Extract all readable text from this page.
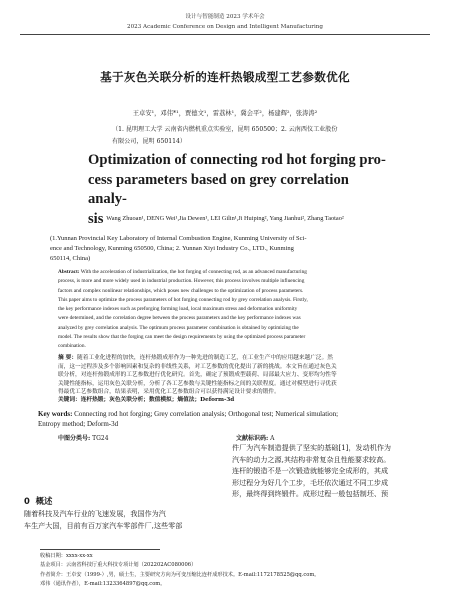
设计与智能制造 2023 学术年会
2023 Academic Conference on Design and Intelligent Manufacturing
基于灰色关联分析的连杆热锻成型工艺参数优化
王卓安¹，邓伟*¹，贾德文¹，雷荔林¹，冀会平²，杨建辉²，张涛涛²
（1. 昆明理工大学 云南省内燃机重点实验室，昆明 650500；2. 云南西仪工业股份
有限公司，昆明 650114）
Optimization of connecting rod hot forging pro-
cess parameters based on grey correlation analy-
sis Wang Zhuoan¹, DENG Wei¹,Jia Dewen¹, LEI Gilin¹,Ji Huiping², Yang Jianhui², Zhang Taotao²
(1.Yunnan Provincial Key Laboratory of Internal Combustion Engine, Kunming University of Sci-
ence and Technology, Kunming 650500, China; 2. Yunnan Xiyi Industry Co., LTD., Kunming
650114, China)
Abstract: With the acceleration of industrialization, the hot forging of connecting rod, as an advanced manufacturing
process, is more and more widely used in industrial production. However, this process involves multiple influencing
factors and complex nonlinear relationships, which poses new challenges to the optimization of process parameters.
This paper aims to optimize the process parameters of hot forging connecting rod by grey correlation analysis. Firstly,
the key performance indexes such as preforging forming load, local maximum stress and deformation uniformity
were determined, and the correlation degree between the process parameters and the key performance indexes was
analyzed by grey correlation analysis. The optimum process parameter combination is obtained by optimizing the
model. The results show that the forging can meet the design requirements by using the optimized process parameter
combination.
摘 要：随着工业化进程的加快，连杆热锻成形作为一种先进的制造工艺，在工业生产中的应用越来越广泛。然
而，这一过程涉及多个影响因素和复杂的非线性关系，对工艺参数的优化提出了新的挑战。本文旨在通过灰色关
联分析，对连杆热锻成形的工艺参数进行优化研究。首先，确定了预锻成型载荷、局部最大应力、变形均匀性等
关键性能指标，运用灰色关联分析，分析了各工艺参数与关键性能指标之间的关联程度。通过对模型进行寻优获
得最优工艺参数组合，结果表明，采用优化工艺参数组合可以获得满足设计要求的锻件。
关键词：连杆热锻；灰色关联分析；数值模拟；熵值法；Deform-3d
Key words: Connecting rod hot forging; Grey correlation analysis; Orthogonal test; Numerical simulation;
Entropy method; Deform-3d
中图分类号: TG24	文献标识码: A
0 概述
随着科技及汽车行业的飞速发展，我国作为汽
车生产大国，目前有百万家汽车零部件厂,这些零部
件厂为汽车制造提供了坚实的基础[1]，发动机作为
汽车的动力之源,其结构非常复杂且性能要求较高。
连杆的锻造不是一次锻造就能够完全成形的，其成
形过程分为好几个工步，毛坯依次通过不同工步成
形，最终得到终锻件。成形过程一般包括制坯、预
收稿日期：xxxx-xx-xx
基金项目：云南省科技厅重大科技专项计划（202202AC080006）
作者简介：王卓安（1999-）,男，硕士生，主要研究方向为可变压缩比连杆成形技术。E-mail:1172178525@qq.com。
邓伟（通讯作者），E-mail:1323364897@qq.com。
